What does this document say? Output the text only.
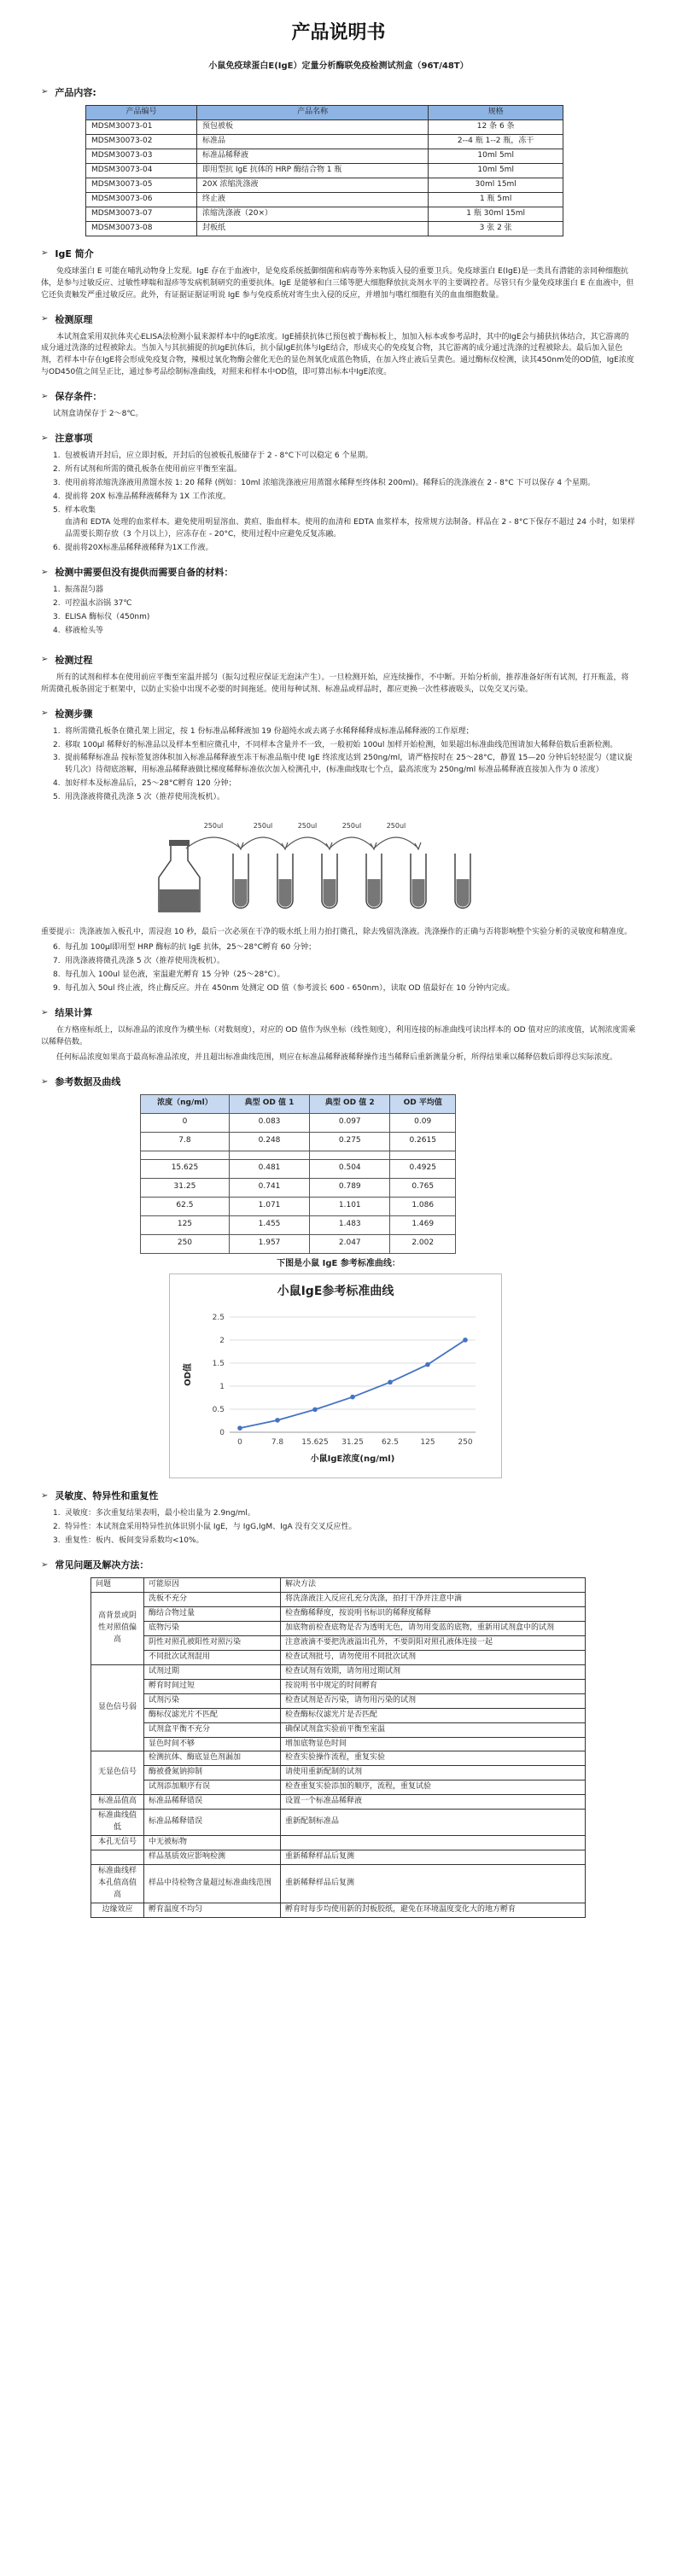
产品说明书
小鼠免疫球蛋白E(IgE）定量分析酶联免疫检测试剂盒（96T/48T）
➢ 产品内容:
产品编号	产品名称	规格
MDSM30073-01	预包被板	12 条 6 条
MDSM30073-02	标准品	2--4 瓶 1--2 瓶，冻干
MDSM30073-03	标准品稀释液	10ml 5ml
MDSM30073-04	即用型抗 IgE 抗体的 HRP 酶结合物 1 瓶	10ml 5ml
MDSM30073-05	20X 浓缩洗涤液	30ml 15ml
MDSM30073-06	终止液	1 瓶 5ml
MDSM30073-07	浓缩洗涤液（20×）	1 瓶 30ml 15ml
MDSM30073-08	封板纸	3 张 2 张
➢ IgE 简介

免疫球蛋白 E 可能在哺乳动物身上发现。IgE 存在于血液中，是免疫系统抵御细菌和病毒等外来物质入侵的重要卫兵。免疫球蛋白 E(IgE)是一类具有潜能的亲同种细胞抗体，是参与过敏反应、过敏性哮喘和湿疹等发病机制研究的重要抗体。IgE 是能够和白三烯等肥大细胞释放抗炎剂水平的主要调控者。尽管只有少量免疫球蛋白 E 在血液中，但它还负责触发严重过敏反应。此外，有证据证据证明说 IgE 参与免疫系统对寄生虫入侵的反应，并增加与嗜红细胞有关的血血细胞数量。

➢ 检测原理

本试剂盒采用双抗体夹心ELISA法检测小鼠来源样本中的IgE浓度。IgE捕获抗体已预包被于酶标板上，加加入标本或参考品时，其中的IgE会与捕获抗体结合，其它游离的成分通过洗涤的过程被除去。当加入与其抗捕捉的抗IgE抗体后，抗小鼠IgE抗体与IgE结合，形成夹心的免疫复合物，其它游离的成分通过洗涤的过程被除去。最后加入显色剂，若样本中存在IgE将会形成免疫复合物，辣根过氧化物酶会催化无色的显色剂氧化成蓝色物质，在加入终止液后呈黄色。通过酶标仪检测，读其450nm处的OD值，IgE浓度与OD450值之间呈正比，通过参考品绘制标准曲线，对照来和样本中OD值，即可算出标本中IgE浓度。

➢ 保存条件：

试剂盒请保存于 2～8℃。

➢ 注意事项
1. 包被板请开封后，应立即封板，开封后的包被板孔板储存于 2 - 8°C下可以稳定 6 个星期。
2. 所有试剂和所需的微孔板条在使用前应平衡至室温。
3. 使用前将浓缩洗涤液用蒸馏水按 1: 20 稀释 (例如：10ml 浓缩洗涤液应用蒸馏水稀释至终体积 200ml)。稀释后的洗涤液在 2 - 8°C 下可以保存 4 个星期。
4. 提前将 20X 标准品稀释液稀释为 1X 工作浓度。
5. 样本收集
血清和 EDTA 处理的血浆样本。避免使用明显溶血、黄疸、脂血样本。使用的血清和 EDTA 血浆样本，按常规方法制备。样品在 2 - 8°C下保存不超过 24 小时，如果样品需要长期存放（3 个月以上），应冻存在 - 20°C，使用过程中应避免反复冻融。
6. 提前将20X标准品稀释液稀释为1X工作液。
➢ 检测中需要但没有提供而需要自备的材料：
1. 振荡混匀器
2. 可控温水浴锅 37℃
3. ELISA 酶标仪（450nm)
4. 移液枪头等
➢ 检测过程

所有的试剂和样本在使用前应平衡至室温并摇匀（振勾过程应保证无泡沫产生）。一旦检测开始，应连续操作，不中断。开始分析前，推荐准备好所有试剂，打开瓶盖，将所需微孔板条固定于框架中，以防止实验中出现不必要的时间拖延。使用每种试剂、标准品或样品时，都应更换一次性移液吸头，以免交叉污染。

➢ 检测步骤
1. 将所需微孔板条在微孔架上固定，按 1 份标准品稀释液加 19 份超纯水或去离子水稀释稀释成标准品稀释液的工作原理；
2. 移取 100μl 稀释好的标准品以及样本至相应微孔中，不同样本含量并不一致，一般初始 100ul 加样开始检测，如果超出标准曲线范围请加大稀释倍数后重新检测。
3. 提前稀释标准品 按标签复溶体积加入标准品稀释液至冻干标准品瓶中使 IgE 终浓度达到 250ng/ml，请严格按时在 25～28°C，静置 15—20 分钟后轻轻混匀（建议旋转几次）待彻底溶解，用标准品稀释液做比梯度稀释标准依次加入检测孔中，(标准曲线取七个点，最高浓度为 250ng/ml 标准品稀释液直接加入作为 0 浓度）
4. 加好样本及标准品后，25～28°C孵育 120 分钟；
5. 用洗涤液将微孔洗涤 5 次（推荐使用洗板机）。
250ul	250ul	250ul	250ul	250ul

重要提示：洗涤液加入板孔中，需浸泡 10 秒，最后一次必须在干净的吸水纸上用力拍打微孔，除去残留洗涤液。洗涤操作的正确与否将影响整个实验分析的灵敏度和精准度。

6. 每孔加 100μl即用型 HRP 酶标的抗 IgE 抗体，25～28°C孵育 60 分钟；
7. 用洗涤液将微孔洗涤 5 次（推荐使用洗板机）。
8. 每孔加入 100ul 显色液，室温避光孵育 15 分钟（25～28°C）。
9. 每孔加入 50ul 终止液，终止酶反应。并在 450nm 处测定 OD 值（参考波长 600 - 650nm），读取 OD 值最好在 10 分钟内完成。
➢ 结果计算

在方格座标纸上，以标准品的浓度作为横坐标（对数刻度），对应的 OD 值作为纵坐标（线性刻度），利用连接的标准曲线可读出样本的 OD 值对应的浓度值，试剂浓度需乘以稀释倍数。

任何标品浓度如果高于最高标准品浓度，并且超出标准曲线范围，则应在标准品稀释液稀释操作违当稀释后重新测量分析，所得结果乘以稀释倍数后即得总实际浓度。

➢ 参考数据及曲线
浓度（ng/ml）	典型 OD 值 1	典型 OD 值 2	OD 平均值
0	0.083	0.097	0.09
7.8	0.248	0.275	0.2615

15.625	0.481	0.504	0.4925
31.25	0.741	0.789	0.765
62.5	1.071	1.101	1.086
125	1.455	1.483	1.469
250	1.957	2.047	2.002
下图是小鼠 IgE 参考标准曲线：
小鼠IgE参考标准曲线
0
0.5
1
1.5
2
2.5
0	7.8 15.625 31.25 62.5	125	250
小鼠IgE浓度(ng/ml)
OD值
➢ 灵敏度、特异性和重复性
1. 灵敏度：多次重复结果表明，最小检出量为 2.9ng/ml。
2. 特异性：本试剂盒采用特异性抗体识别小鼠 IgE，与 IgG,IgM、IgA 没有交叉反应性。
3. 重复性：板内、板间变异系数均<10%。
➢ 常见问题及解决方法：
问题	可能原因	解决方法
高背景或阴性对照值偏高	洗板不充分	将洗涤液注入反应孔充分洗涤，拍打干净并注意中滴
	酶结合物过量	检查酶稀释度，按说明书标识的稀释度稀释
	底物污染	加底物前检查底物是否为透明无色，请勿用变蓝的底物，重新用试剂盒中的试剂
	阴性对照孔被阳性对照污染	注意液滴不要把洗液溢出孔外，不要阴阳对照孔液体连接一起
	不同批次试剂混用	检查试剂批号，请勿使用不同批次试剂
显色信号弱	试剂过期	检查试剂有效期，请勿用过期试剂
	孵育时间过短	按说明书中规定的时间孵育
	试剂污染	检查试剂是否污染，请勿用污染的试剂
	酶标仪滤光片不匹配	检查酶标仪滤光片是否匹配
	试剂盒平衡不充分	确保试剂盒实验前平衡至室温
	显色时间不够	增加底物显色时间
无显色信号	检测抗体、酶底显色剂漏加	检查实验操作流程，重复实验
	酶被叠氮钠抑制	请使用重新配制的试剂
	试剂添加顺序有误	检查重复实验添加的顺序，流程，重复试验
标准品值高	标准品稀释错误	设置一个标准品稀释液
标准曲线值低	标准品稀释错误	重新配制标准品
本孔无信号	中无被标物	
	样品基质效应影响检测	重新稀释样品后复测
标准曲线样本孔值高值高	样品中待检物含量超过标准曲线范围	重新稀释样品后复测
边缘效应	孵育温度不均匀	孵育时每步均使用新的封板胶纸，避免在环境温度变化大的地方孵育
